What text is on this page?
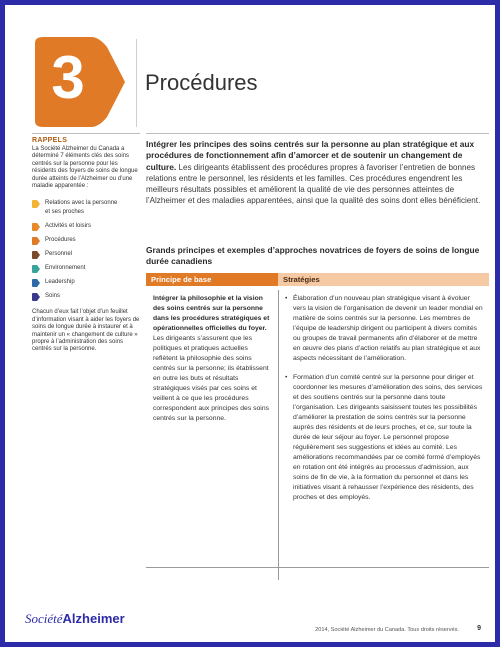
3	Procédures
RAPPELS
La Société Alzheimer du Canada a déterminé 7 éléments clés des soins centrés sur la personne pour les résidents des foyers de soins de longue durée atteints de l’Alzheimer ou d’une maladie apparentée :
Relations avec la personne
et ses proches
Activités et loisirs
Procédures
Personnel
Environnement
Leadership
Soins
Chacun d’eux fait l’objet d’un feuillet d’information visant à aider les foyers de soins de longue durée à instaurer et à maintenir un « changement de culture » propre à l’administration des soins centrés sur la personne.
Intégrer les principes des soins centrés sur la personne au plan stratégique et aux procédures de fonctionnement afin d’amorcer et de soutenir un changement de culture. Les dirigeants établissent des procédures propres à favoriser l’entretien de bonnes relations entre le personnel, les résidents et les familles. Ces procédures engendrent les meilleurs résultats possibles et améliorent la qualité de vie des personnes atteintes de l’Alzheimer et des maladies apparentées, ainsi que la qualité des soins dont elles bénéficient.
Grands principes et exemples d’approches novatrices de foyers de soins de longue durée canadiens
Principe de base	Stratégies
Intégrer la philosophie et la vision des soins centrés sur la personne dans les procédures stratégiques et opérationnelles officielles du foyer. Les dirigeants s’assurent que les politiques et pratiques actuelles reflètent la philosophie des soins centrés sur la personne; ils établissent en outre les buts et résultats stratégiques visés par ces soins et veillent à ce que les procédures correspondent aux principes des soins centrés sur la personne.
• Élaboration d’un nouveau plan stratégique visant à évoluer vers la vision de l’organisation de devenir un leader mondial en matière de soins centrés sur la personne. Les membres de l’équipe de leadership dirigent ou participent à divers comités ou groupes de travail permanents afin d’élaborer et de mettre en œuvre des plans d’action relatifs au plan stratégique et aux aspects nécessitant de l’amélioration.
• Formation d’un comité centré sur la personne pour diriger et coordonner les mesures d’amélioration des soins, des services et des soutiens centrés sur la personne dans toute l’organisation. Les dirigeants saisissent toutes les possibilités d’améliorer la prestation de soins centrés sur la personne auprès des résidents et de leurs proches, et ce, sur toute la durée de leur séjour au foyer. Le personnel propose régulièrement ses suggestions et idées au comité. Les améliorations recommandées par ce comité formé d’employés en rotation ont été intégrés au processus d’admission, aux soins de fin de vie, à la formation du personnel et dans les initiatives visant à rehausser l’expérience des résidents, des proches et des employés.
SociétéAlzheimer
2014, Société Alzheimer du Canada. Tous droits réservés.	9
